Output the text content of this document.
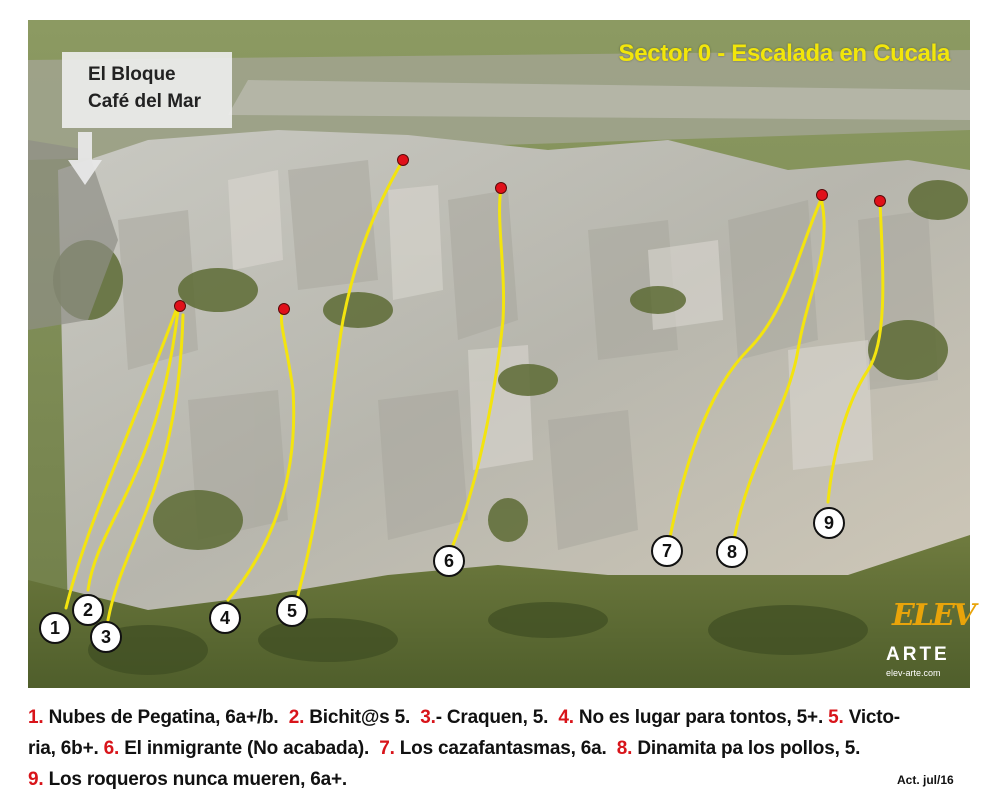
Sector 0 - Escalada en Cucala
El Bloque
Café del Mar
1
2
3
4	5
6	7	8
9
ELEV
ARTE
elev-arte.com
1. Nubes de Pegatina, 6a+/b. 2. Bichit@s 5. 3.- Craquen, 5. 4. No es lugar para tontos, 5+. 5. Victo-
ria, 6b+. 6. El inmigrante (No acabada). 7. Los cazafantasmas, 6a. 8. Dinamita pa los pollos, 5.
9. Los roqueros nunca mueren, 6a+.	Act. jul/16
